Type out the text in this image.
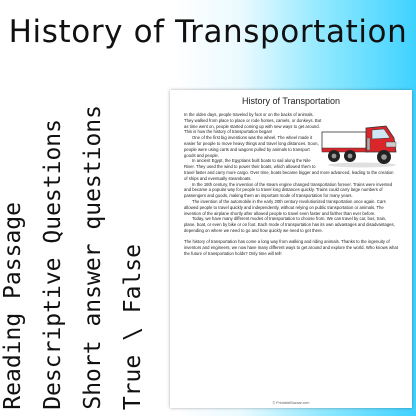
History of Transportation
Reading Passage Descriptive Questions Short answer questions True \ False
History of Transportation

In the olden days, people traveled by foot or on the backs of animals. They walked from place to place or rode horses, camels, or donkeys. But as time went on, people started coming up with new ways to get around. This is how the history of transportation began!

One of the first big inventions was the wheel. The wheel made it easier for people to move heavy things and travel long distances. Soon, people were using carts and wagons pulled by animals to transport goods and people.

In ancient Egypt, the Egyptians built boats to sail along the Nile River. They used the wind to power their boats, which allowed them to travel faster and carry more cargo. Over time, boats became bigger and more advanced, leading to the creation of ships and eventually steamboats.

In the 19th century, the invention of the steam engine changed transportation forever. Trains were invented and became a popular way for people to travel long distances quickly. Trains could carry large numbers of passengers and goods, making them an important mode of transportation for many years.

The invention of the automobile in the early 20th century revolutionized transportation once again. Cars allowed people to travel quickly and independently, without relying on public transportation or animals. The invention of the airplane shortly after allowed people to travel even faster and farther than ever before.

Today, we have many different modes of transportation to choose from. We can travel by car, bus, train, plane, boat, or even by bike or on foot. Each mode of transportation has its own advantages and disadvantages, depending on where we need to go and how quickly we need to get there.

The history of transportation has come a long way from walking and riding animals. Thanks to the ingenuity of inventors and engineers, we now have many different ways to get around and explore the world. Who knows what the future of transportation holds? Only time will tell!

© PrintableBazaar.com
